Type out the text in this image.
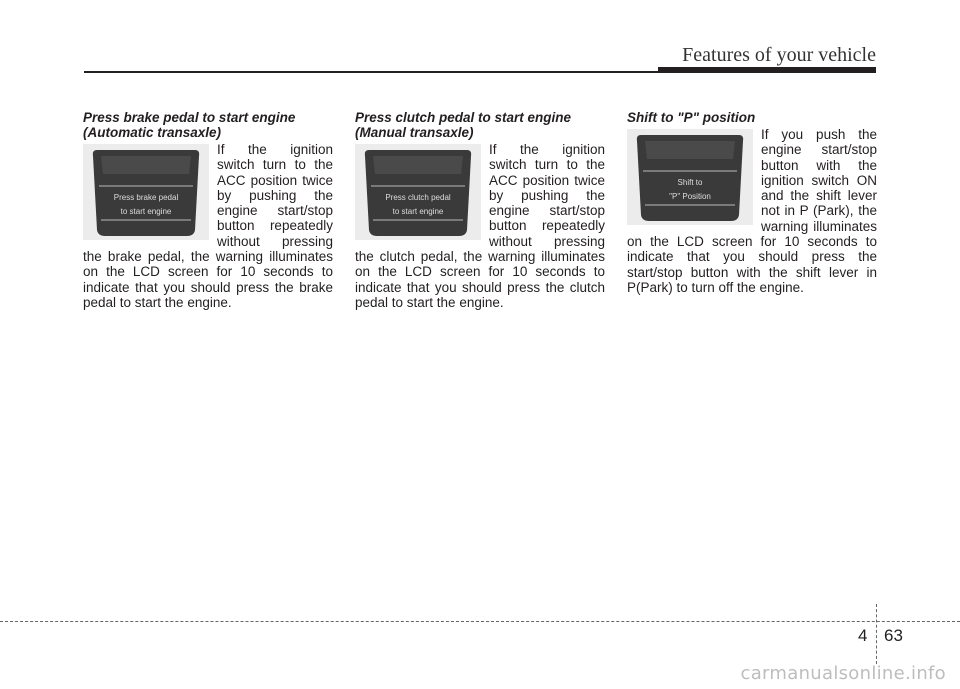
Features of your vehicle
Press brake pedal to start engine
(Automatic transaxle)
Press brake pedal
to start engine

If the ignition switch turn to the ACC position twice by pushing the engine start/stop button repeatedly without pressing the brake pedal, the warning illuminates on the LCD screen for 10 seconds to indicate that you should press the brake pedal to start the engine.

Press clutch pedal to start engine
(Manual transaxle)
Press clutch pedal
to start engine

If the ignition switch turn to the ACC position twice by pushing the engine start/stop button repeatedly without pressing the clutch pedal, the warning illuminates on the LCD screen for 10 seconds to indicate that you should press the clutch pedal to start the engine.

Shift to "P" position
Shift to
"P" Position

If you push the engine start/stop button with the ignition switch ON and the shift lever not in P (Park), the warning illuminates on the LCD screen for 10 seconds to indicate that you should press the start/stop button with the shift lever in P(Park) to turn off the engine.

4 63
carmanualsonline.info
